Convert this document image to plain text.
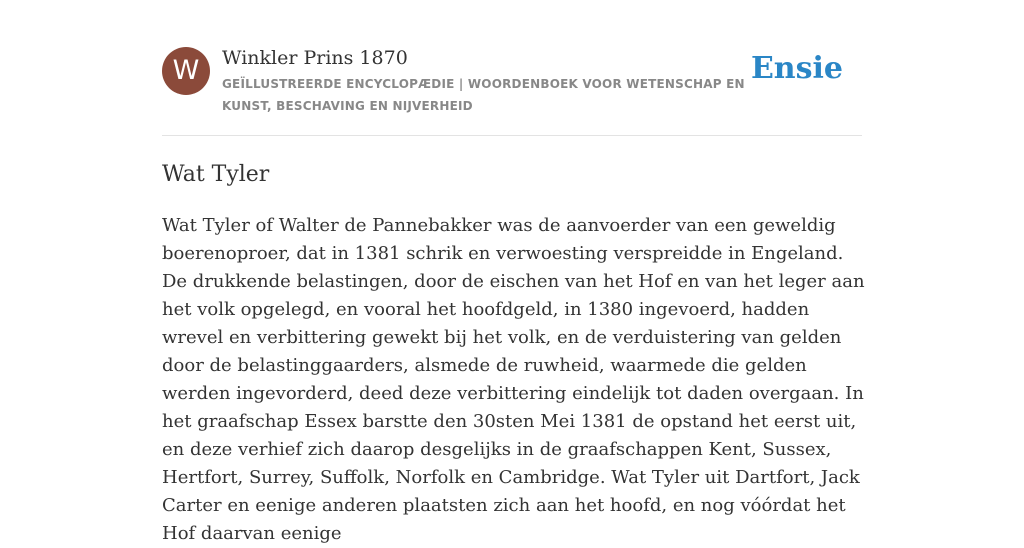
W	Winkler Prins 1870
GEÏLLUSTREERDE ENCYCLOPÆDIE | WOORDENBOEK VOOR WETENSCHAP EN KUNST, BESCHAVING EN NIJVERHEID
Ensie
Wat Tyler

Wat Tyler of Walter de Pannebakker was de aanvoerder van een geweldig boerenoproer, dat in 1381 schrik en verwoesting verspreidde in Engeland. De drukkende belastingen, door de eischen van het Hof en van het leger aan het volk opgelegd, en vooral het hoofdgeld, in 1380 ingevoerd, hadden wrevel en verbittering gewekt bij het volk, en de verduistering van gelden door de belastinggaarders, alsmede de ruwheid, waarmede die gelden werden ingevorderd, deed deze verbittering eindelijk tot daden overgaan. In het graafschap Essex barstte den 30sten Mei 1381 de opstand het eerst uit, en deze verhief zich daarop desgelijks in de graafschappen Kent, Sussex, Hertfort, Surrey, Suffolk, Norfolk en Cambridge. Wat Tyler uit Dartfort, Jack Carter en eenige anderen plaatsten zich aan het hoofd, en nog vóórdat het Hof daarvan eenige
